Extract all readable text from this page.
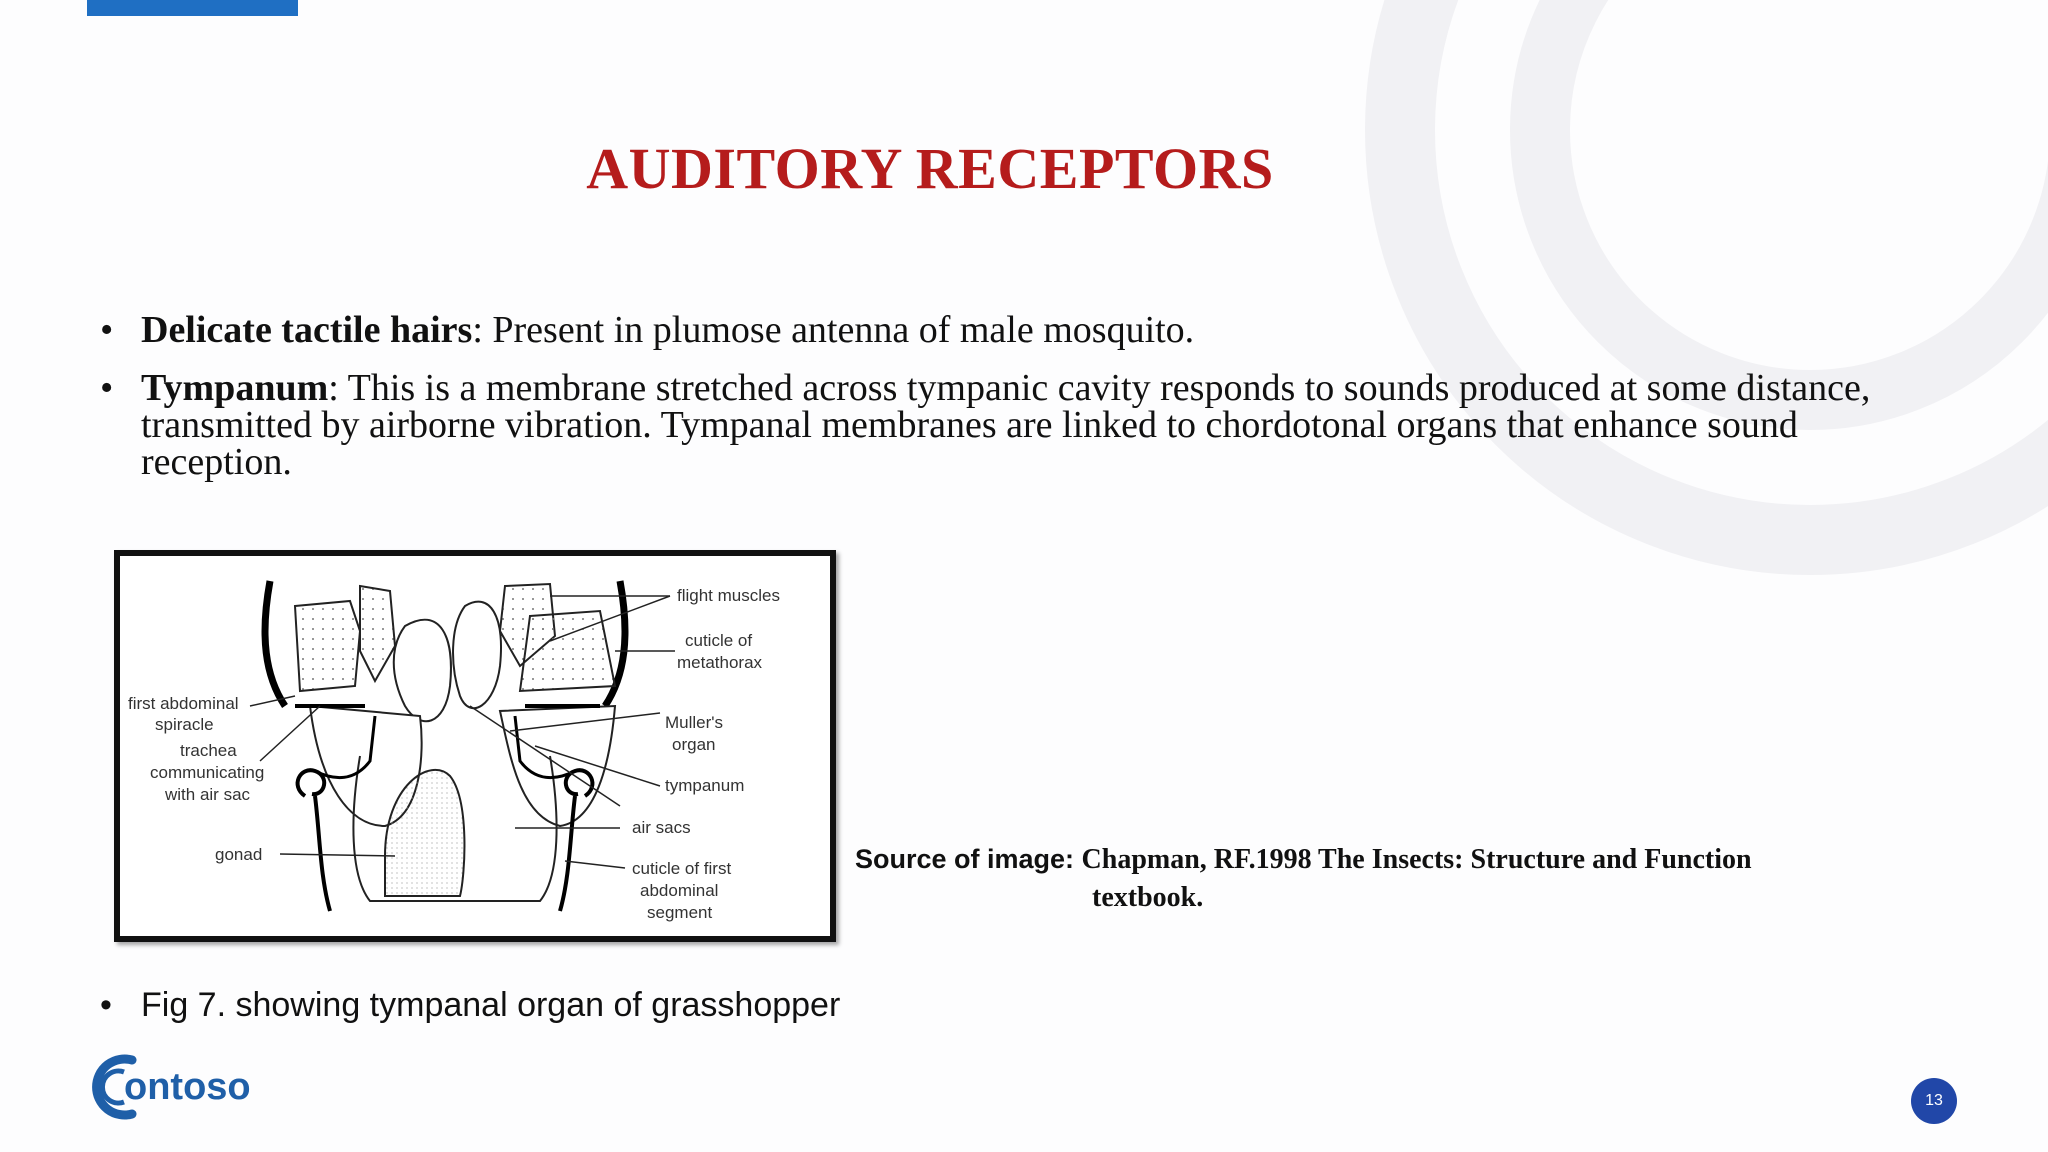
AUDITORY RECEPTORS
• Delicate tactile hairs: Present in plumose antenna of male mosquito.
• Tympanum: This is a membrane stretched across tympanic cavity responds to sounds produced at some distance, transmitted by airborne vibration. Tympanal membranes are linked to chordotonal organs that enhance sound reception.
flight muscles
cuticle of
metathorax
first abdominal
spiracle
trachea
communicating
with air sac
Muller's
organ
tympanum
air sacs
gonad
cuticle of first
abdominal
segment
Source of image: Chapman, RF.1998 The Insects: Structure and Function
textbook.
• Fig 7. showing tympanal organ of grasshopper
ontoso	13
